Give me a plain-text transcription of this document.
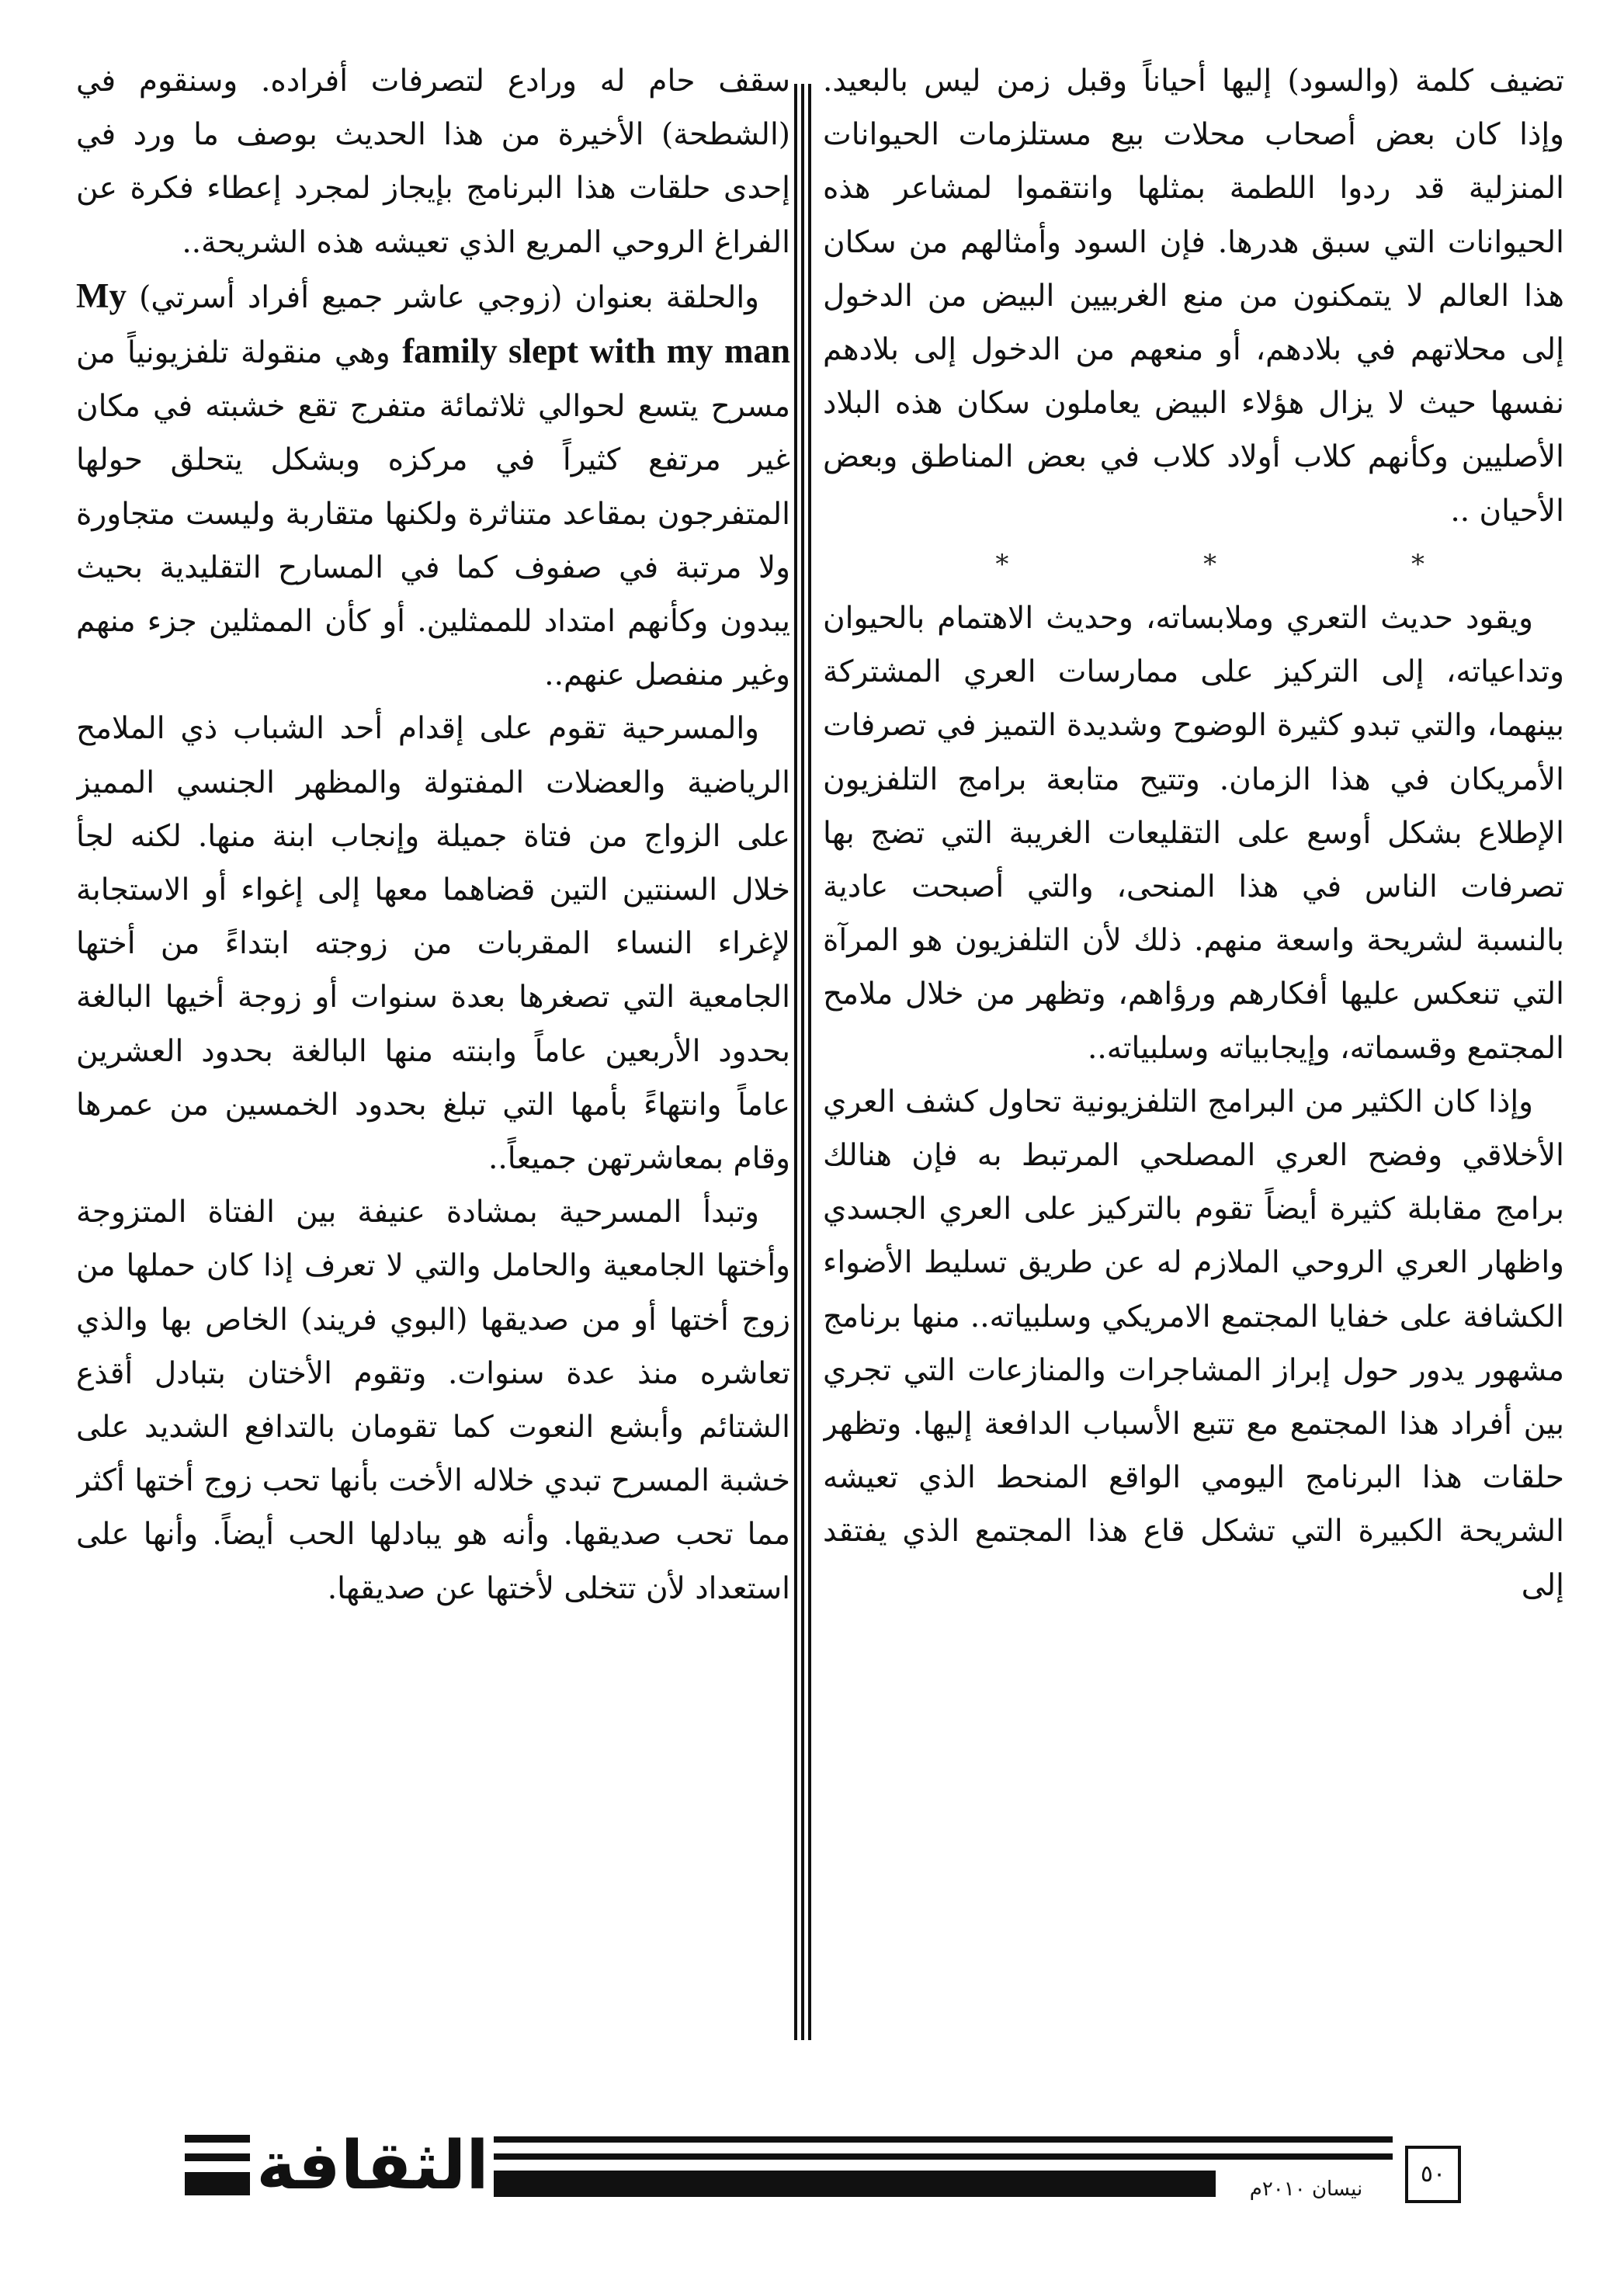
تضيف كلمة (والسود) إليها أحياناً وقبل زمن ليس بالبعيد. وإذا كان بعض أصحاب محلات بيع مستلزمات الحيوانات المنزلية قد ردوا اللطمة بمثلها وانتقموا لمشاعر هذه الحيوانات التي سبق هدرها. فإن السود وأمثالهم من سكان هذا العالم لا يتمكنون من منع الغربيين البيض من الدخول إلى محلاتهم في بلادهم، أو منعهم من الدخول إلى بلادهم نفسها حيث لا يزال هؤلاء البيض يعاملون سكان هذه البلاد الأصليين وكأنهم كلاب أولاد كلاب في بعض المناطق وبعض الأحيان ..

* * *

ويقود حديث التعري وملابساته، وحديث الاهتمام بالحيوان وتداعياته، إلى التركيز على ممارسات العري المشتركة بينهما، والتي تبدو كثيرة الوضوح وشديدة التميز في تصرفات الأمريكان في هذا الزمان. وتتيح متابعة برامج التلفزيون الإطلاع بشكل أوسع على التقليعات الغريبة التي تضج بها تصرفات الناس في هذا المنحى، والتي أصبحت عادية بالنسبة لشريحة واسعة منهم. ذلك لأن التلفزيون هو المرآة التي تنعكس عليها أفكارهم ورؤاهم، وتظهر من خلال ملامح المجتمع وقسماته، وإيجابياته وسلبياته..

وإذا كان الكثير من البرامج التلفزيونية تحاول كشف العري الأخلاقي وفضح العري المصلحي المرتبط به فإن هنالك برامج مقابلة كثيرة أيضاً تقوم بالتركيز على العري الجسدي واظهار العري الروحي الملازم له عن طريق تسليط الأضواء الكشافة على خفايا المجتمع الامريكي وسلبياته.. منها برنامج مشهور يدور حول إبراز المشاجرات والمنازعات التي تجري بين أفراد هذا المجتمع مع تتبع الأسباب الدافعة إليها. وتظهر حلقات هذا البرنامج اليومي الواقع المنحط الذي تعيشه الشريحة الكبيرة التي تشكل قاع هذا المجتمع الذي يفتقد إلى

سقف حام له ورادع لتصرفات أفراده. وسنقوم في (الشطحة) الأخيرة من هذا الحديث بوصف ما ورد في إحدى حلقات هذا البرنامج بإيجاز لمجرد إعطاء فكرة عن الفراغ الروحي المريع الذي تعيشه هذه الشريحة..

والحلقة بعنوان (زوجي عاشر جميع أفراد أسرتي) My family slept with my man وهي منقولة تلفزيونياً من مسرح يتسع لحوالي ثلاثمائة متفرج تقع خشبته في مكان غير مرتفع كثيراً في مركزه وبشكل يتحلق حولها المتفرجون بمقاعد متناثرة ولكنها متقاربة وليست متجاورة ولا مرتبة في صفوف كما في المسارح التقليدية بحيث يبدون وكأنهم امتداد للممثلين. أو كأن الممثلين جزء منهم وغير منفصل عنهم..

والمسرحية تقوم على إقدام أحد الشباب ذي الملامح الرياضية والعضلات المفتولة والمظهر الجنسي المميز على الزواج من فتاة جميلة وإنجاب ابنة منها. لكنه لجأ خلال السنتين التين قضاهما معها إلى إغواء أو الاستجابة لإغراء النساء المقربات من زوجته ابتداءً من أختها الجامعية التي تصغرها بعدة سنوات أو زوجة أخيها البالغة بحدود الأربعين عاماً وابنته منها البالغة بحدود العشرين عاماً وانتهاءً بأمها التي تبلغ بحدود الخمسين من عمرها وقام بمعاشرتهن جميعاً..

وتبدأ المسرحية بمشادة عنيفة بين الفتاة المتزوجة وأختها الجامعية والحامل والتي لا تعرف إذا كان حملها من زوج أختها أو من صديقها (البوي فريند) الخاص بها والذي تعاشره منذ عدة سنوات. وتقوم الأختان بتبادل أقذع الشتائم وأبشع النعوت كما تقومان بالتدافع الشديد على خشبة المسرح تبدي خلاله الأخت بأنها تحب زوج أختها أكثر مما تحب صديقها. وأنه هو يبادلها الحب أيضاً. وأنها على استعداد لأن تتخلى لأختها عن صديقها.

الثقافة	نيسان ٢٠١٠م
٥٠
